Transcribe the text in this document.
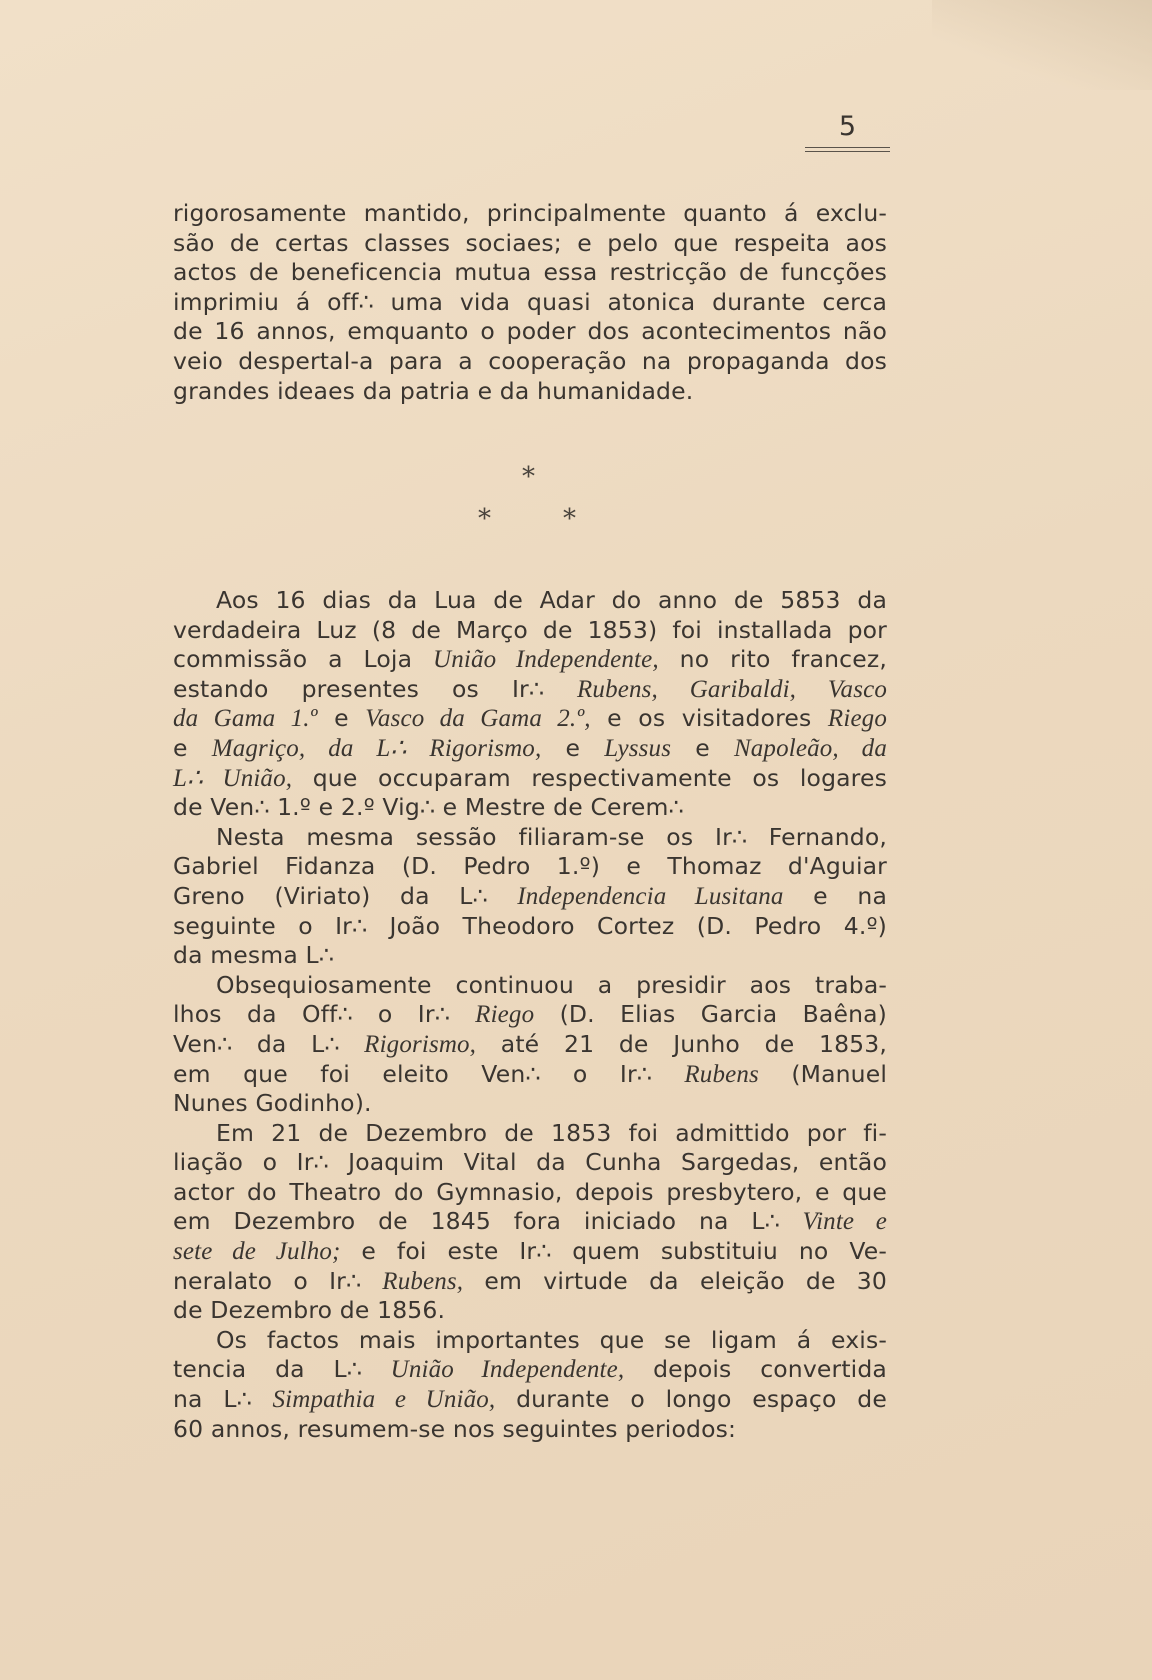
5

rigorosamente mantido, principalmente quanto á exclu-
são de certas classes sociaes; e pelo que respeita aos
actos de beneficencia mutua essa restricção de funcções
imprimiu á off∴ uma vida quasi atonica durante cerca
de 16 annos, emquanto o poder dos acontecimentos não
veio despertal-a para a cooperação na propaganda dos
grandes ideaes da patria e da humanidade.

*
*	*

Aos 16 dias da Lua de Adar do anno de 5853 da
verdadeira Luz (8 de Março de 1853) foi installada por
commissão a Loja União Independente, no rito francez,
estando presentes os Ir∴ Rubens, Garibaldi, Vasco
da Gama 1.º e Vasco da Gama 2.º, e os visitadores Riego
e Magriço, da L∴ Rigorismo, e Lyssus e Napoleão, da
L∴ União, que occuparam respectivamente os logares
de Ven∴ 1.º e 2.º Vig∴ e Mestre de Cerem∴

Nesta mesma sessão filiaram-se os Ir∴ Fernando,
Gabriel Fidanza (D. Pedro 1.º) e Thomaz d'Aguiar
Greno (Viriato) da L∴ Independencia Lusitana e na
seguinte o Ir∴ João Theodoro Cortez (D. Pedro 4.º)
da mesma L∴

Obsequiosamente continuou a presidir aos traba-
lhos da Off∴ o Ir∴ Riego (D. Elias Garcia Baêna)
Ven∴ da L∴ Rigorismo, até 21 de Junho de 1853,
em que foi eleito Ven∴ o Ir∴ Rubens (Manuel
Nunes Godinho).

Em 21 de Dezembro de 1853 foi admittido por fi-
liação o Ir∴ Joaquim Vital da Cunha Sargedas, então
actor do Theatro do Gymnasio, depois presbytero, e que
em Dezembro de 1845 fora iniciado na L∴ Vinte e
sete de Julho; e foi este Ir∴ quem substituiu no Ve-
neralato o Ir∴ Rubens, em virtude da eleição de 30
de Dezembro de 1856.

Os factos mais importantes que se ligam á exis-
tencia da L∴ União Independente, depois convertida
na L∴ Simpathia e União, durante o longo espaço de
60 annos, resumem-se nos seguintes periodos:
